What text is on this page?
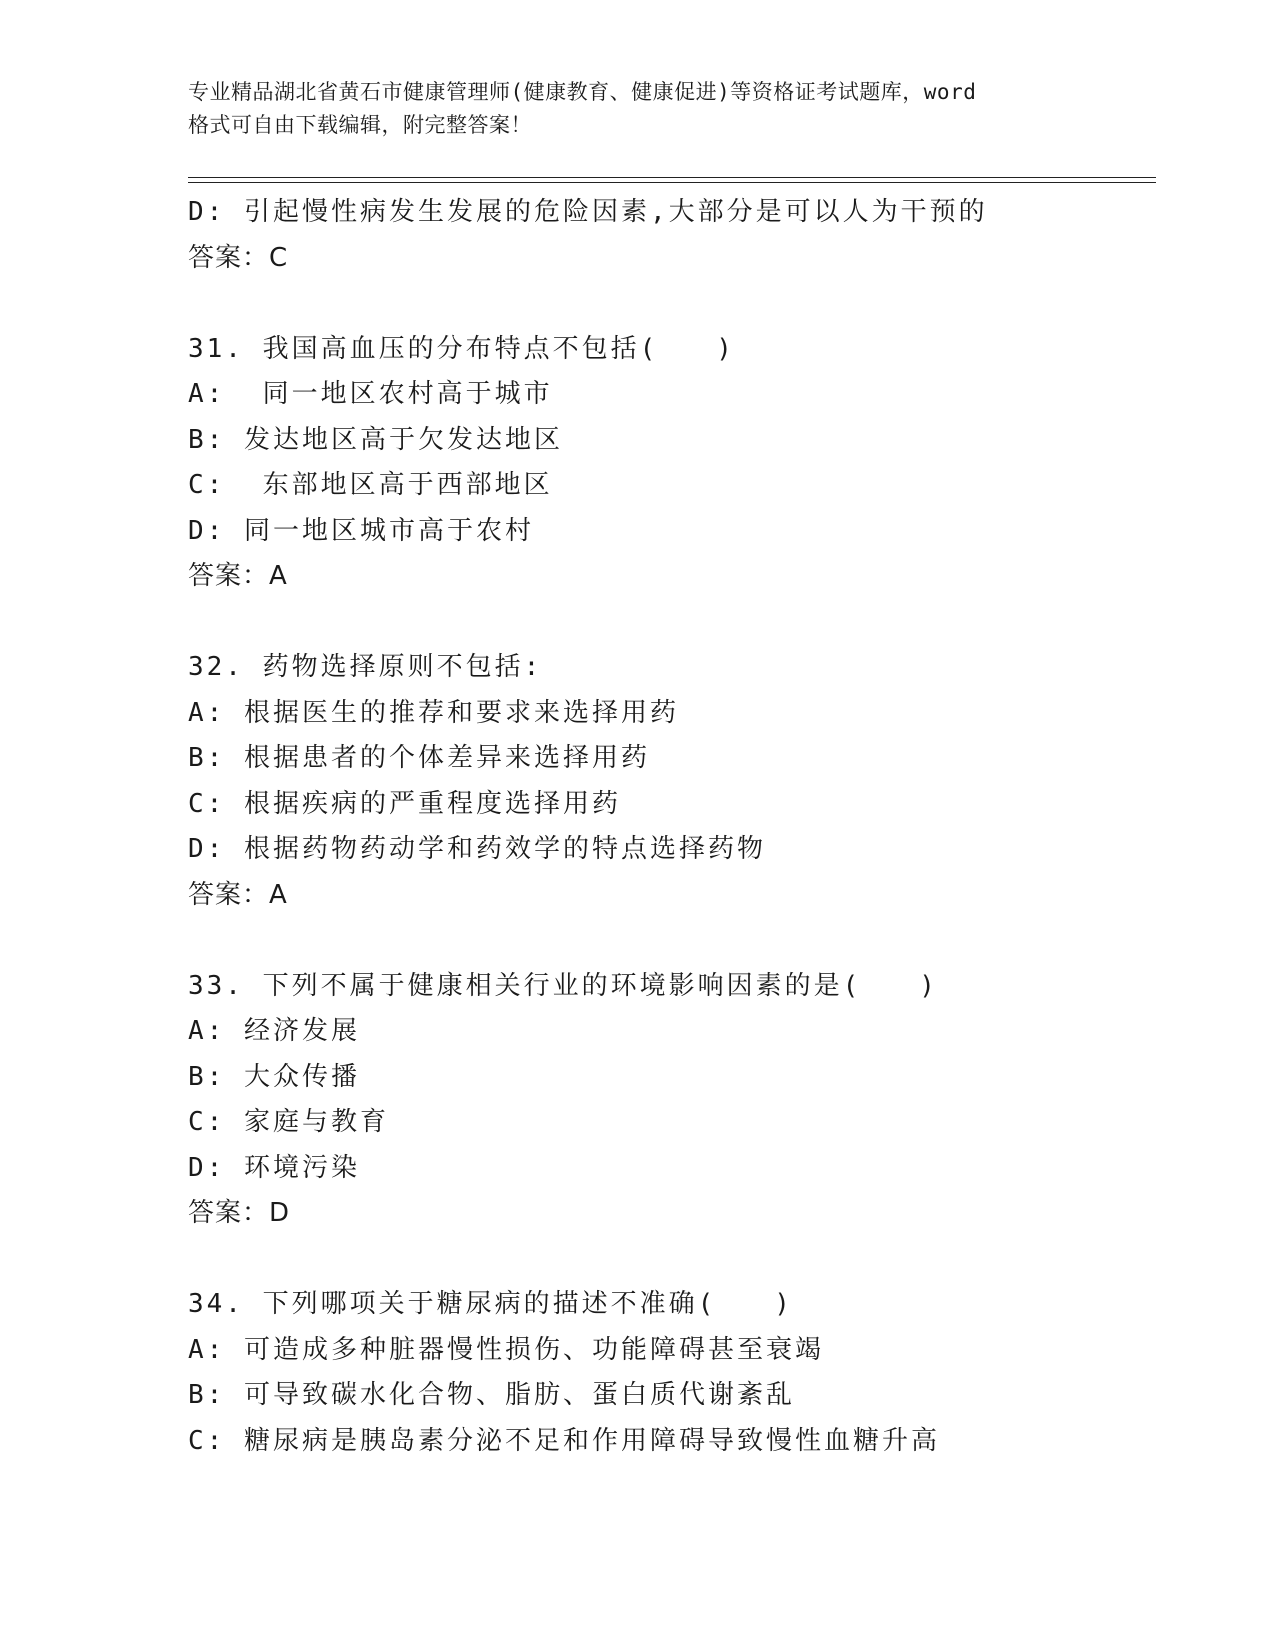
专业精品湖北省黄石市健康管理师(健康教育、健康促进)等资格证考试题库，word
格式可自由下载编辑，附完整答案！
D: 引起慢性病发生发展的危险因素,大部分是可以人为干预的
答案：C
31. 我国高血压的分布特点不包括(　　)
A:  同一地区农村高于城市
B: 发达地区高于欠发达地区
C:  东部地区高于西部地区
D: 同一地区城市高于农村
答案：A
32. 药物选择原则不包括:
A: 根据医生的推荐和要求来选择用药
B: 根据患者的个体差异来选择用药
C: 根据疾病的严重程度选择用药
D: 根据药物药动学和药效学的特点选择药物
答案：A
33. 下列不属于健康相关行业的环境影响因素的是(　　)
A: 经济发展
B: 大众传播
C: 家庭与教育
D: 环境污染
答案：D
34. 下列哪项关于糖尿病的描述不准确(　　)
A: 可造成多种脏器慢性损伤、功能障碍甚至衰竭
B: 可导致碳水化合物、脂肪、蛋白质代谢紊乱
C: 糖尿病是胰岛素分泌不足和作用障碍导致慢性血糖升高
